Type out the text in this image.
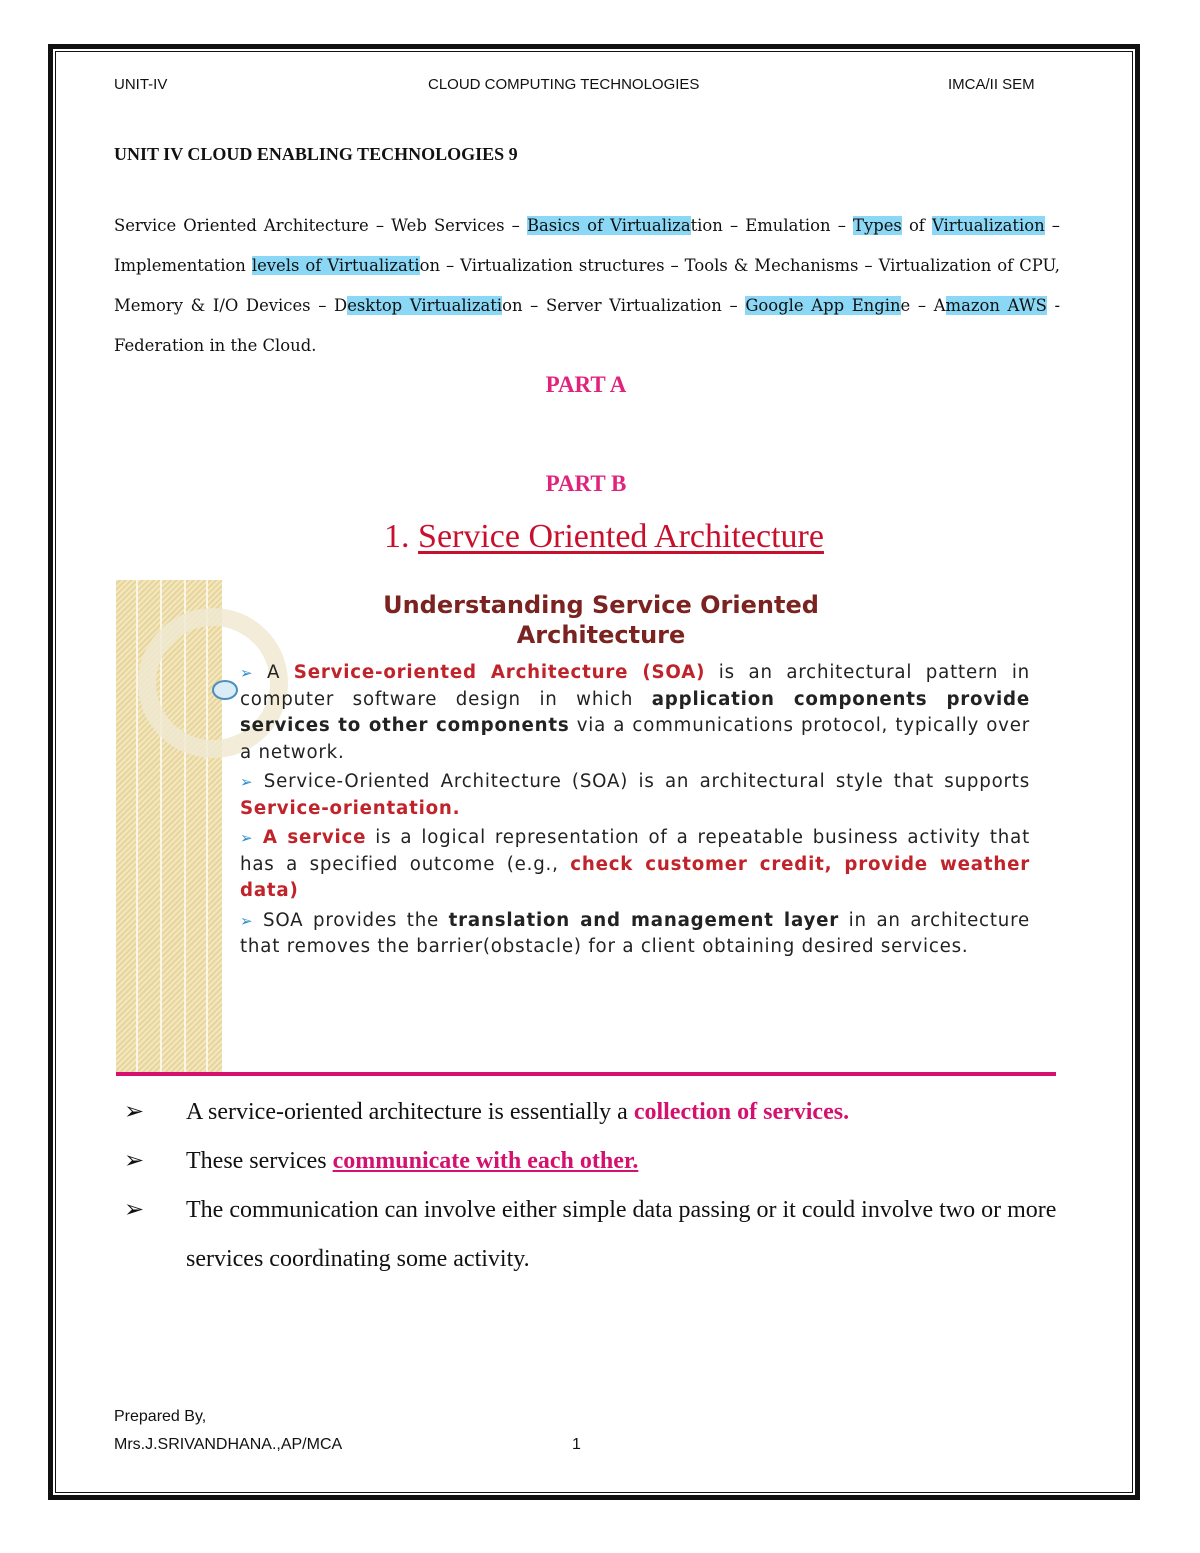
UNIT-IV	CLOUD COMPUTING TECHNOLOGIES	IMCA/II SEM
UNIT IV CLOUD ENABLING TECHNOLOGIES 9
Service Oriented Architecture – Web Services – Basics of Virtualization – Emulation – Types of Virtualization – Implementation levels of Virtualization – Virtualization structures – Tools & Mechanisms – Virtualization of CPU, Memory & I/O Devices – Desktop Virtualization – Server Virtualization – Google App Engine – Amazon AWS - Federation in the Cloud.
PART A
PART B
1. Service Oriented Architecture
Understanding Service Oriented
Architecture

➢ A Service-oriented Architecture (SOA) is an architectural pattern in computer software design in which application components provide services to other components via a communications protocol, typically over a network.

➢ Service-Oriented Architecture (SOA) is an architectural style that supports Service-orientation.

➢ A service is a logical representation of a repeatable business activity that has a specified outcome (e.g., check customer credit, provide weather data)

➢ SOA provides the translation and management layer in an architecture that removes the barrier(obstacle) for a client obtaining desired services.

➢ A service-oriented architecture is essentially a collection of services.
➢ These services communicate with each other.
➢ The communication can involve either simple data passing or it could involve two or more services coordinating some activity.
Prepared By,
Mrs.J.SRIVANDHANA.,AP/MCA	1
